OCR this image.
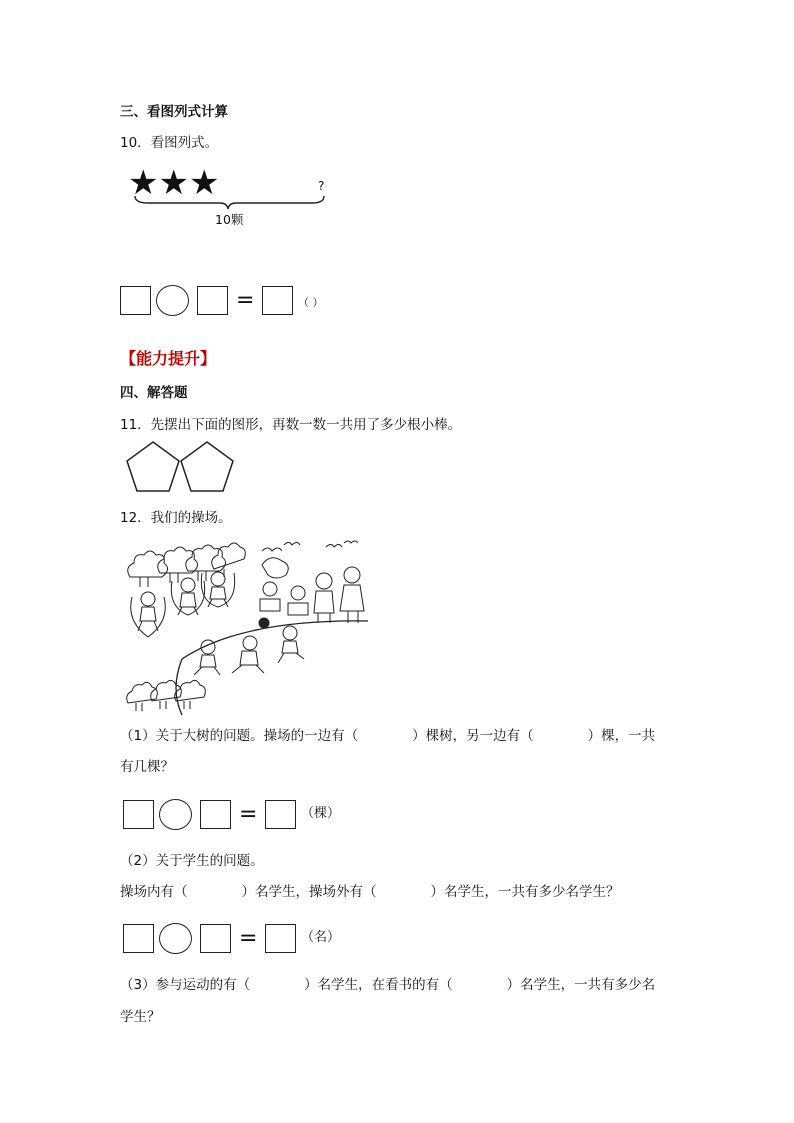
三、看图列式计算
10．看图列式。
★★★	?
10颗
=	（ ）
【能力提升】
四、解答题
11．先摆出下面的图形，再数一数一共用了多少根小棒。
12．我们的操场。
（1）关于大树的问题。操场的一边有（　　　　）棵树，另一边有（　　　　）棵，一共
有几棵？
=	（棵）
（2）关于学生的问题。
操场内有（　　　　）名学生，操场外有（　　　　）名学生，一共有多少名学生？
=	（名）
（3）参与运动的有（　　　　）名学生，在看书的有（　　　　）名学生，一共有多少名
学生？
